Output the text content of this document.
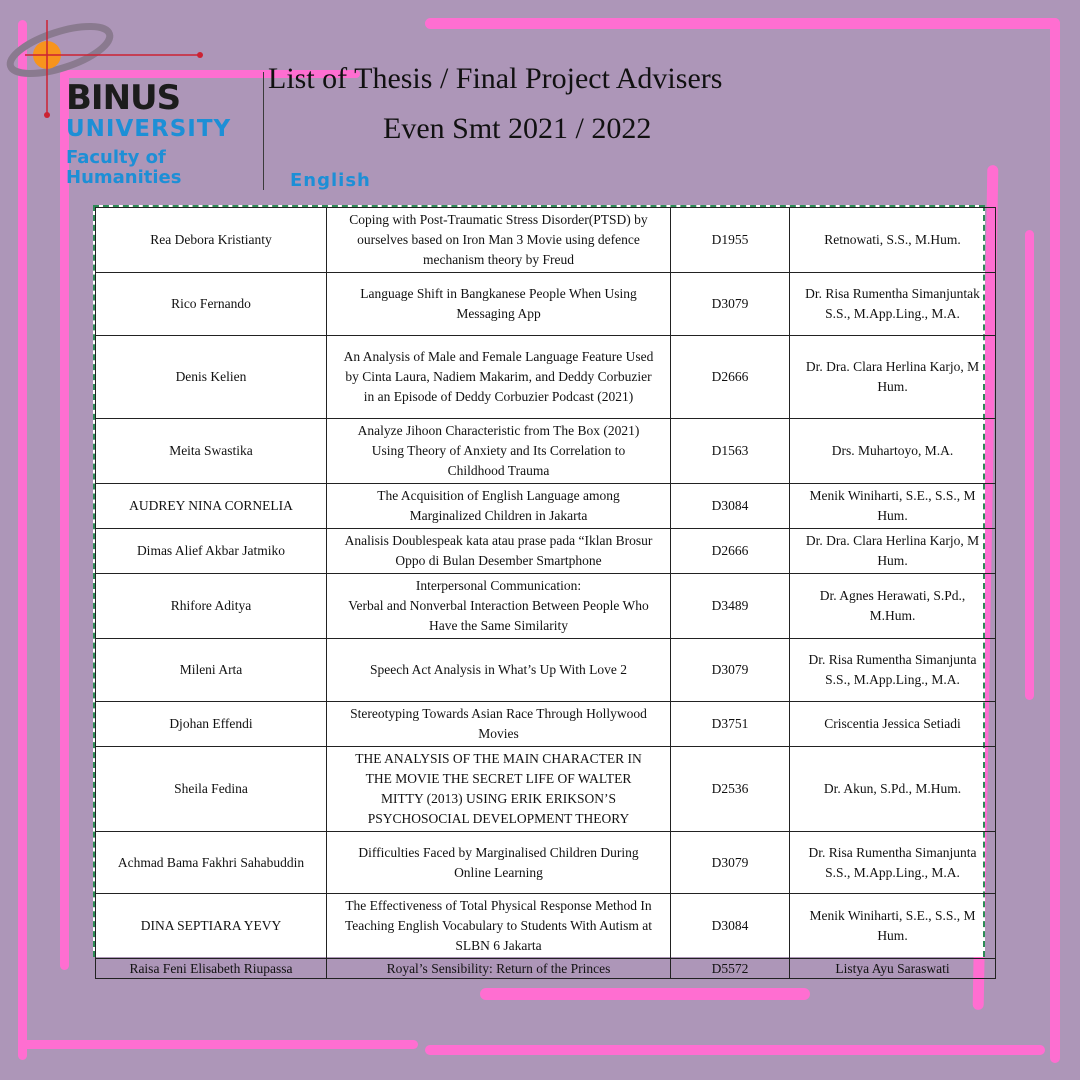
BINUS
UNIVERSITY
Faculty of
Humanities	English
List of Thesis / Final Project Advisers
Even Smt 2021 / 2022
Rea Debora Kristianty	Coping with Post-Traumatic Stress Disorder(PTSD) by
ourselves based on Iron Man 3 Movie using defence
mechanism theory by Freud	D1955	Retnowati, S.S., M.Hum.
Rico Fernando	Language Shift in Bangkanese People When Using
Messaging App	D3079	Dr. Risa Rumentha Simanjuntak
S.S., M.App.Ling., M.A.
Denis Kelien	An Analysis of Male and Female Language Feature Used
by Cinta Laura, Nadiem Makarim, and Deddy Corbuzier
in an Episode of Deddy Corbuzier Podcast (2021)	D2666	Dr. Dra. Clara Herlina Karjo, M
Hum.
Meita Swastika	Analyze Jihoon Characteristic from The Box (2021)
Using Theory of Anxiety and Its Correlation to
Childhood Trauma	D1563	Drs. Muhartoyo, M.A.
AUDREY NINA CORNELIA	The Acquisition of English Language among
Marginalized Children in Jakarta	D3084	Menik Winiharti, S.E., S.S., M
Hum.
Dimas Alief Akbar Jatmiko	Analisis Doublespeak kata atau prase pada “Iklan Brosur
Oppo di Bulan Desember Smartphone	D2666	Dr. Dra. Clara Herlina Karjo, M
Hum.
Rhifore Aditya	Interpersonal Communication:
Verbal and Nonverbal Interaction Between People Who
Have the Same Similarity	D3489	Dr. Agnes Herawati, S.Pd.,
M.Hum.
Mileni Arta	Speech Act Analysis in What’s Up With Love 2	D3079	Dr. Risa Rumentha Simanjunta
S.S., M.App.Ling., M.A.
Djohan Effendi	Stereotyping Towards Asian Race Through Hollywood
Movies	D3751	Criscentia Jessica Setiadi
Sheila Fedina	THE ANALYSIS OF THE MAIN CHARACTER IN
THE MOVIE THE SECRET LIFE OF WALTER
MITTY (2013) USING ERIK ERIKSON’S
PSYCHOSOCIAL DEVELOPMENT THEORY	D2536	Dr. Akun, S.Pd., M.Hum.
Achmad Bama Fakhri Sahabuddin	Difficulties Faced by Marginalised Children During
Online Learning	D3079	Dr. Risa Rumentha Simanjunta
S.S., M.App.Ling., M.A.
DINA SEPTIARA YEVY	The Effectiveness of Total Physical Response Method In
Teaching English Vocabulary to Students With Autism at
SLBN 6 Jakarta	D3084	Menik Winiharti, S.E., S.S., M
Hum.
Raisa Feni Elisabeth Riupassa	Royal’s Sensibility: Return of the Princes	D5572	Listya Ayu Saraswati
